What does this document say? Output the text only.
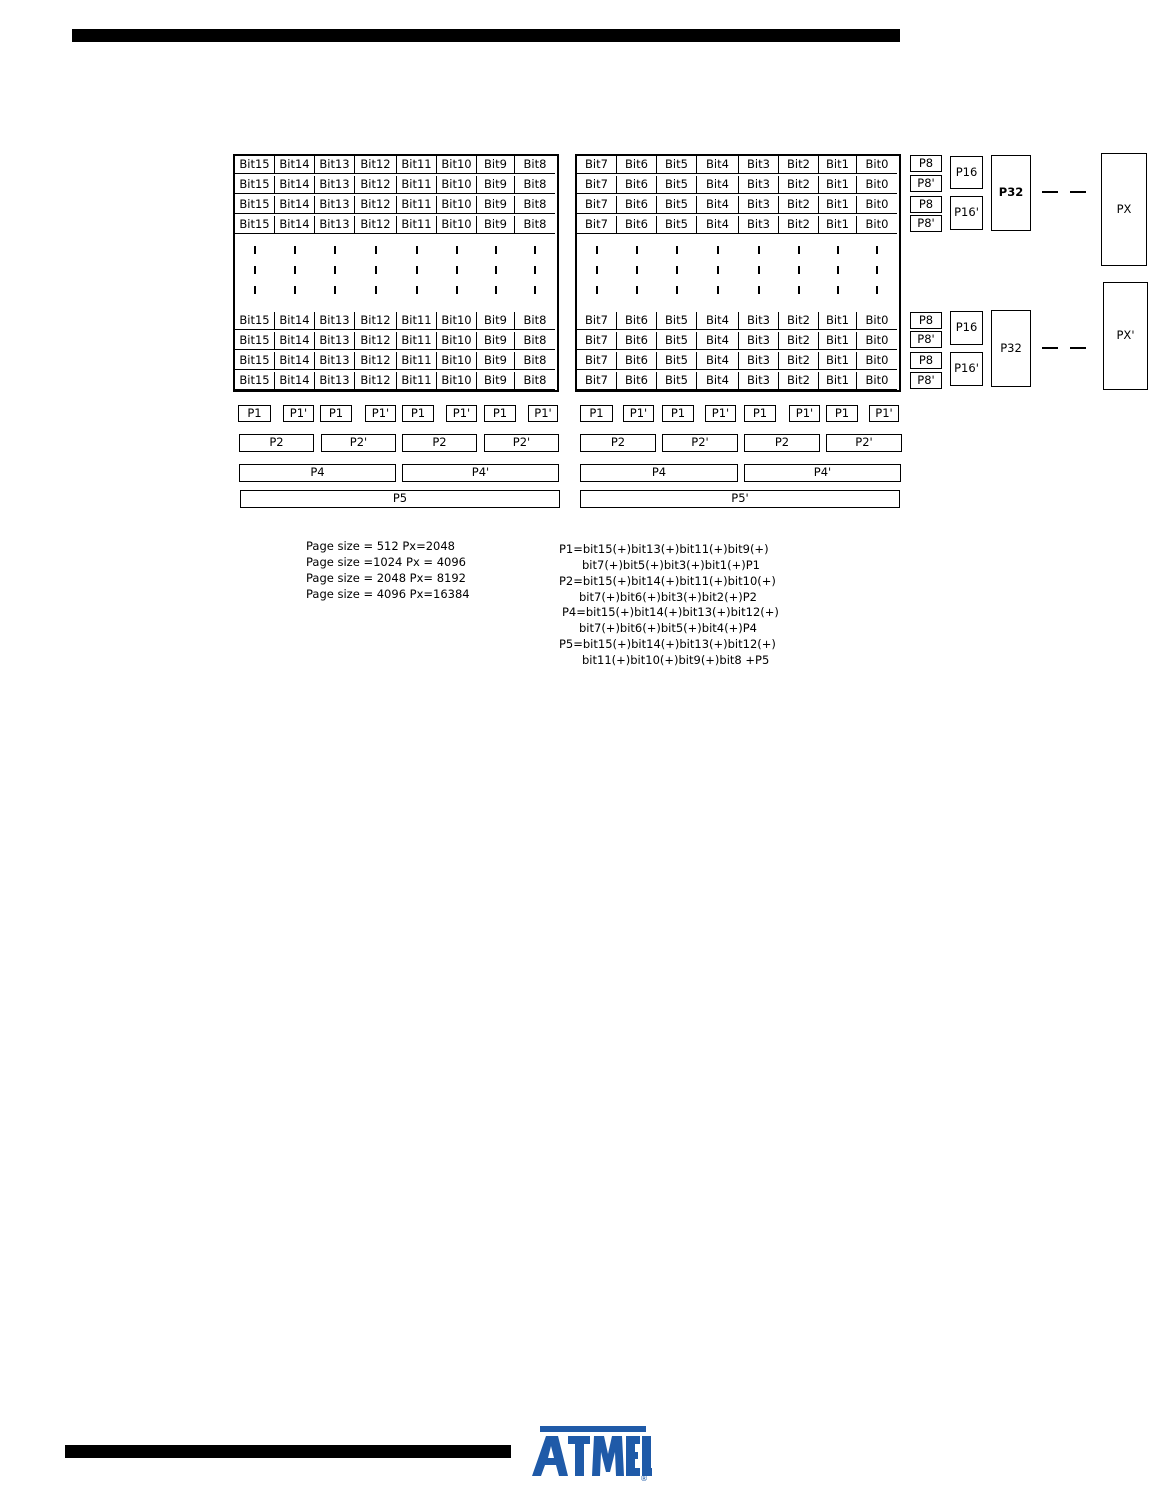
Bit15 Bit14 Bit13 Bit12 Bit11 Bit10	Bit9	Bit8
Bit15 Bit14 Bit13 Bit12 Bit11 Bit10	Bit9	Bit8
Bit15 Bit14 Bit13 Bit12 Bit11 Bit10	Bit9	Bit8
Bit15 Bit14 Bit13 Bit12 Bit11 Bit10	Bit9	Bit8
Bit15 Bit14 Bit13 Bit12 Bit11 Bit10	Bit9	Bit8
Bit15 Bit14 Bit13 Bit12 Bit11 Bit10	Bit9	Bit8
Bit15 Bit14 Bit13 Bit12 Bit11 Bit10	Bit9	Bit8
Bit15 Bit14 Bit13 Bit12 Bit11 Bit10	Bit9	Bit8
Bit7	Bit6	Bit5	Bit4	Bit3	Bit2	Bit1	Bit0
Bit7	Bit6	Bit5	Bit4	Bit3	Bit2	Bit1	Bit0
Bit7	Bit6	Bit5	Bit4	Bit3	Bit2	Bit1	Bit0
Bit7	Bit6	Bit5	Bit4	Bit3	Bit2	Bit1	Bit0
Bit7	Bit6	Bit5	Bit4	Bit3	Bit2	Bit1	Bit0
Bit7	Bit6	Bit5	Bit4	Bit3	Bit2	Bit1	Bit0
Bit7	Bit6	Bit5	Bit4	Bit3	Bit2	Bit1	Bit0
Bit7	Bit6	Bit5	Bit4	Bit3	Bit2	Bit1	Bit0
P8
P8'
P8
P8'
P8
P8'
P8
P8'
P16
P16'
P16
P16'
P32
P32
PX
PX'
P1	P1'	P1	P1'	P1	P1'	P1	P1'	P1	P1'	P1	P1'	P1	P1'	P1	P1'
P2	P2'	P2	P2'	P2	P2'	P2	P2'
P4	P4'	P4	P4'
P5	P5'
Page size = 512 Px=2048
Page size =1024 Px = 4096
Page size = 2048 Px= 8192
Page size = 4096 Px=16384
P1=bit15(+)bit13(+)bit11(+)bit9(+)
bit7(+)bit5(+)bit3(+)bit1(+)P1
P2=bit15(+)bit14(+)bit11(+)bit10(+)
bit7(+)bit6(+)bit3(+)bit2(+)P2
P4=bit15(+)bit14(+)bit13(+)bit12(+)
bit7(+)bit6(+)bit5(+)bit4(+)P4
P5=bit15(+)bit14(+)bit13(+)bit12(+)
bit11(+)bit10(+)bit9(+)bit8 +P5
®
